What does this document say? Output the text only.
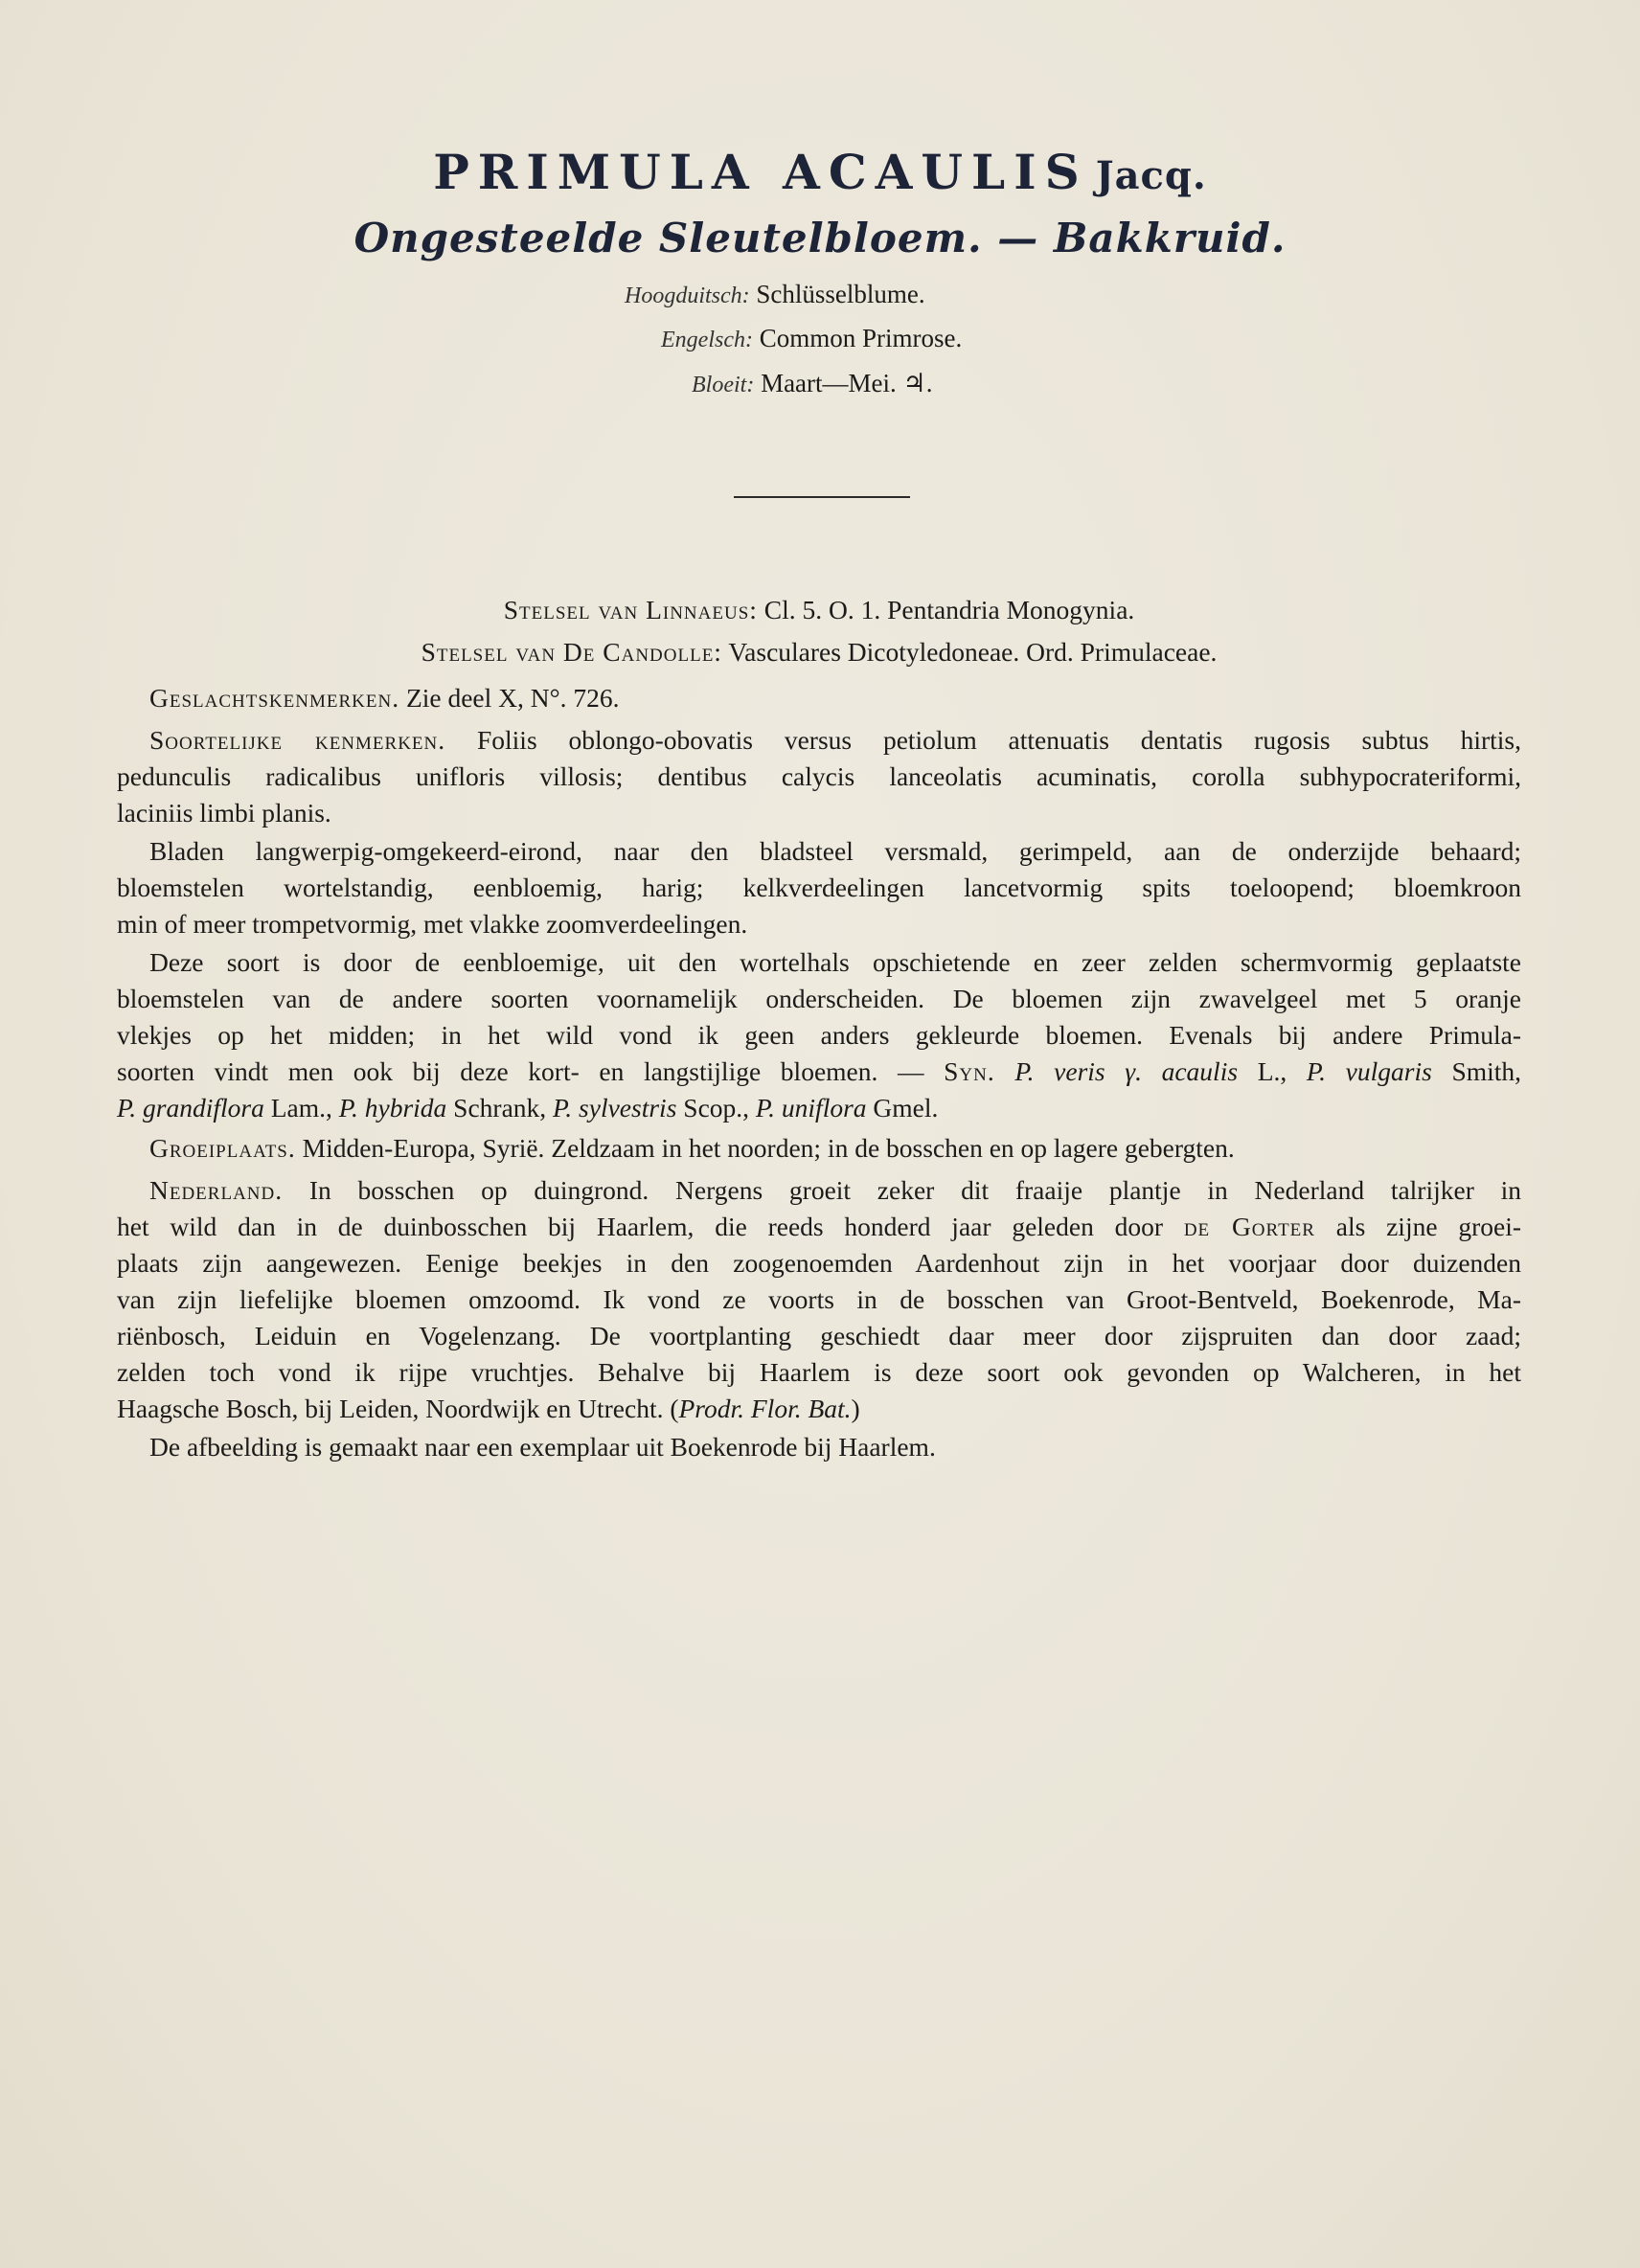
PRIMULA ACAULIS Jacq.
Ongesteelde Sleutelbloem. — Bakkruid.
Hoogduitsch: Schlüsselblume.
Engelsch: Common Primrose.
Bloeit: Maart—Mei. ♃.
Stelsel van Linnaeus: Cl. 5. O. 1. Pentandria Monogynia.
Stelsel van De Candolle: Vasculares Dicotyledoneae. Ord. Primulaceae.
Geslachtskenmerken. Zie deel X, N°. 726.
Soortelijke kenmerken. Foliis oblongo-obovatis versus petiolum attenuatis dentatis rugosis subtus hirtis,
pedunculis radicalibus unifloris villosis; dentibus calycis lanceolatis acuminatis, corolla subhypocrateriformi,
laciniis limbi planis.
Bladen langwerpig-omgekeerd-eirond, naar den bladsteel versmald, gerimpeld, aan de onderzijde behaard;
bloemstelen wortelstandig, eenbloemig, harig; kelkverdeelingen lancetvormig spits toeloopend; bloemkroon
min of meer trompetvormig, met vlakke zoomverdeelingen.
Deze soort is door de eenbloemige, uit den wortelhals opschietende en zeer zelden schermvormig geplaatste
bloemstelen van de andere soorten voornamelijk onderscheiden. De bloemen zijn zwavelgeel met 5 oranje
vlekjes op het midden; in het wild vond ik geen anders gekleurde bloemen. Evenals bij andere Primula-
soorten vindt men ook bij deze kort- en langstijlige bloemen. — Syn. P. veris γ. acaulis L., P. vulgaris Smith,
P. grandiflora Lam., P. hybrida Schrank, P. sylvestris Scop., P. uniflora Gmel.
Groeiplaats. Midden-Europa, Syrië. Zeldzaam in het noorden; in de bosschen en op lagere gebergten.
Nederland. In bosschen op duingrond. Nergens groeit zeker dit fraaije plantje in Nederland talrijker in
het wild dan in de duinbosschen bij Haarlem, die reeds honderd jaar geleden door de Gorter als zijne groei-
plaats zijn aangewezen. Eenige beekjes in den zoogenoemden Aardenhout zijn in het voorjaar door duizenden
van zijn liefelijke bloemen omzoomd. Ik vond ze voorts in de bosschen van Groot-Bentveld, Boekenrode, Ma-
riënbosch, Leiduin en Vogelenzang. De voortplanting geschiedt daar meer door zijspruiten dan door zaad;
zelden toch vond ik rijpe vruchtjes. Behalve bij Haarlem is deze soort ook gevonden op Walcheren, in het
Haagsche Bosch, bij Leiden, Noordwijk en Utrecht. (Prodr. Flor. Bat.)
De afbeelding is gemaakt naar een exemplaar uit Boekenrode bij Haarlem.
